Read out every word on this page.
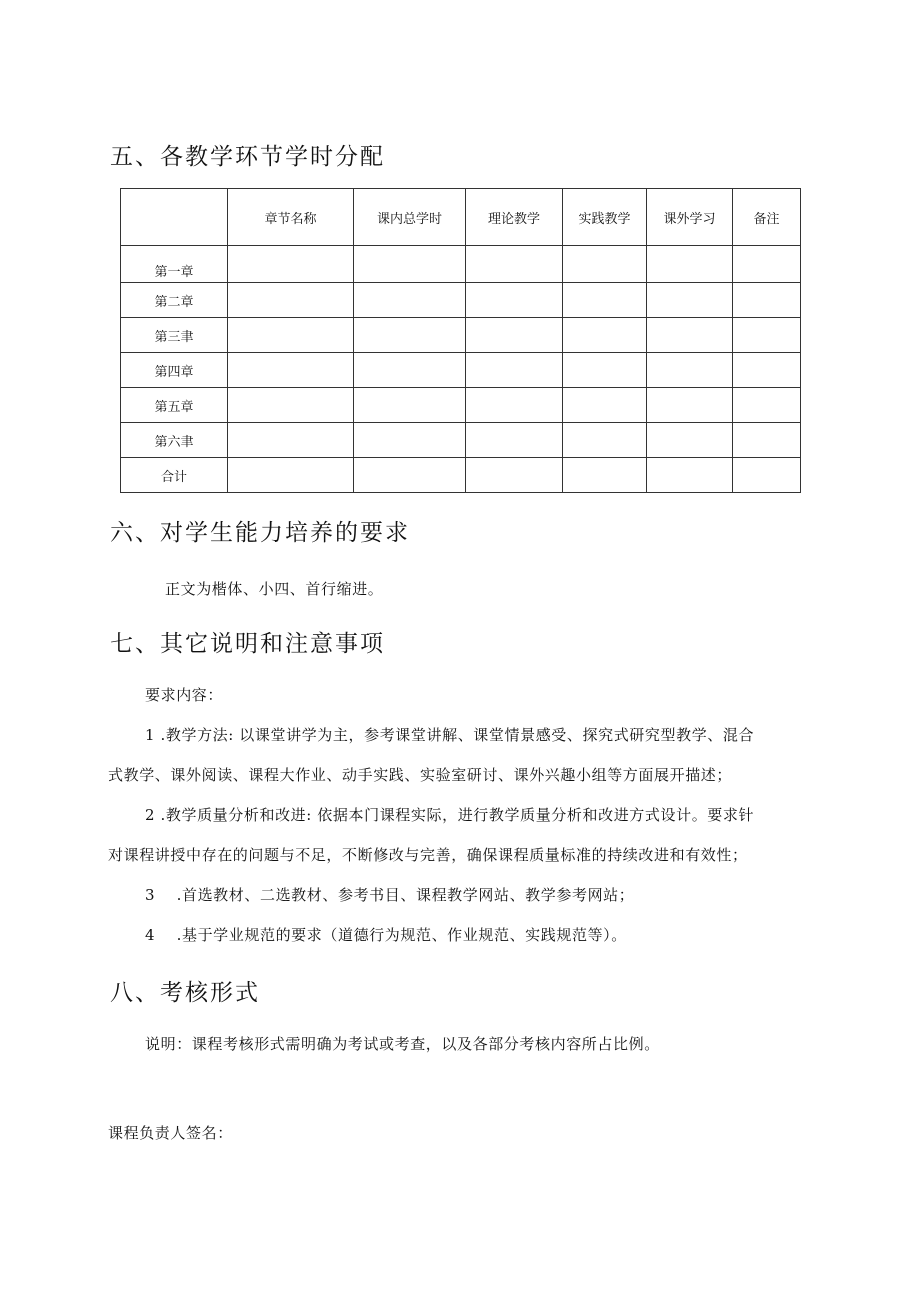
五、各教学环节学时分配
	章节名称	课内总学时	理论教学	实践教学	课外学习	备注
第一章						
第二章						
第三聿						
第四章						
第五章						
第六聿						
合计						
六、对学生能力培养的要求
正文为楷体、小四、首行缩进。
七、其它说明和注意事项
要求内容：
1 .教学方法: 以课堂讲学为主，参考课堂讲解、课堂情景感受、探究式研究型教学、混合
式教学、课外阅读、课程大作业、动手实践、实验室研讨、课外兴趣小组等方面展开描述；
2 .教学质量分析和改进: 依据本门课程实际，进行教学质量分析和改进方式设计。要求针
对课程讲授中存在的问题与不足，不断修改与完善，确保课程质量标准的持续改进和有效性；
3    .首选教材、二选教材、参考书目、课程教学网站、教学参考网站；
4    .基于学业规范的要求（道德行为规范、作业规范、实践规范等）。
八、考核形式
说明：课程考核形式需明确为考试或考查，以及各部分考核内容所占比例。
课程负责人签名：
